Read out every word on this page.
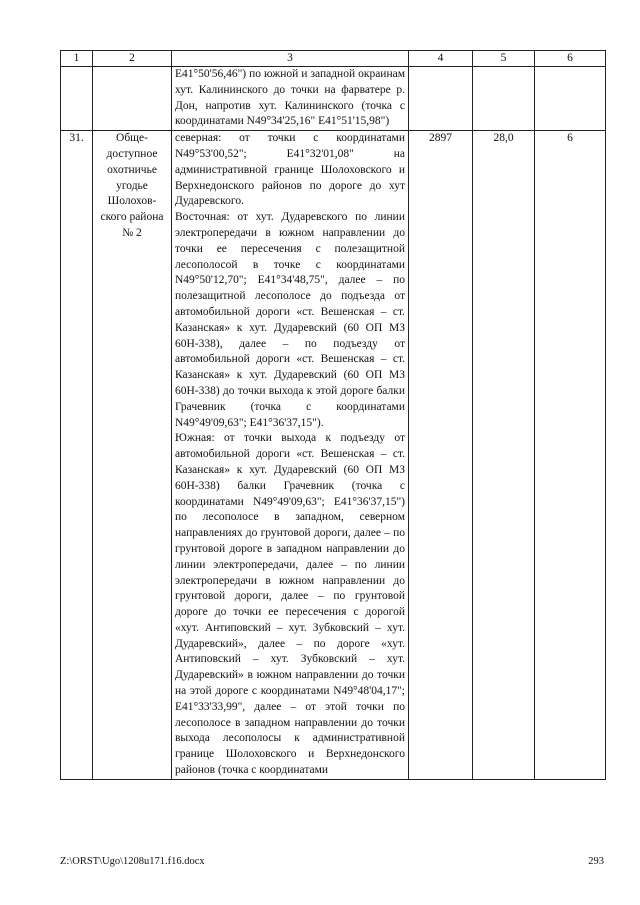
1	2	3	4	5	6
		E41°50'56,46") по южной и западной окраинам хут. Калининского до точки на фарватере р. Дон, напротив хут. Калининского (точка с координатами N49°34'25,16" E41°51'15,98")			
31.	Обще-доступное охотничье угодье Шолохов-ского района № 2	северная: от точки с координатами N49°53'00,52"; E41°32'01,08" на административной границе Шолоховского и Верхнедонского районов по дороге до хут Дударевского.
Восточная: от хут. Дударевского по линии электропередачи в южном направлении до точки ее пересечения с полезащитной лесополосой в точке с координатами N49°50'12,70"; E41°34'48,75", далее – по полезащитной лесополосе до подъезда от автомобильной дороги «ст. Вешенская – ст. Казанская» к хут. Дударевский (60 ОП МЗ 60Н-338), далее – по подъезду от автомобильной дороги «ст. Вешенская – ст. Казанская» к хут. Дударевский (60 ОП МЗ 60Н-338) до точки выхода к этой дороге балки Грачевник (точка с координатами N49°49'09,63"; E41°36'37,15").
Южная: от точки выхода к подъезду от автомобильной дороги «ст. Вешенская – ст. Казанская» к хут. Дударевский (60 ОП МЗ 60Н-338) балки Грачевник (точка с координатами N49°49'09,63"; E41°36'37,15") по лесополосе в западном, северном направлениях до грунтовой дороги, далее – по грунтовой дороге в западном направлении до линии электропередачи, далее – по линии электропередачи в южном направлении до грунтовой дороги, далее – по грунтовой дороге до точки ее пересечения с дорогой «хут. Антиповский – хут. Зубковский – хут. Дударевский», далее – по дороге «хут. Антиповский – хут. Зубковский – хут. Дударевский» в южном направлении до точки на этой дороге с координатами N49°48'04,17"; E41°33'33,99", далее – от этой точки по лесополосе в западном направлении до точки выхода лесополосы к административной границе Шолоховского и Верхнедонского районов (точка с координатами	2897	28,0	6
Z:\ORST\Ugo\1208u171.f16.docx	293
